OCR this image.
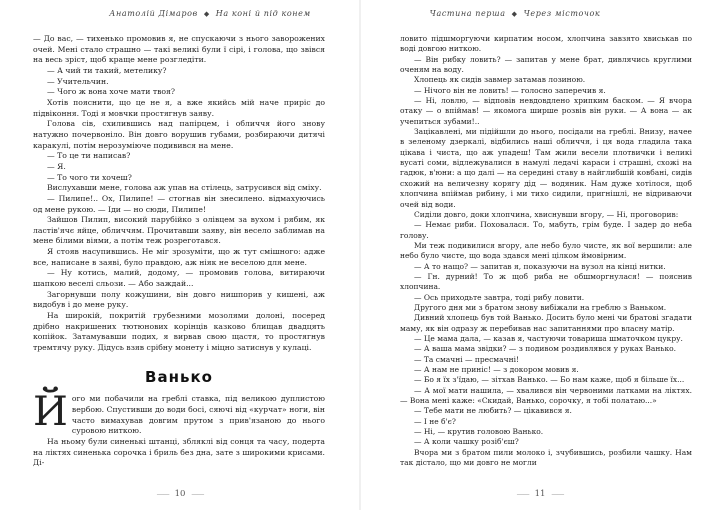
Анатолій Дімаров ◆ На коні й під конем

— До вас, — тихенько промовив я, не спускаючи з нього заворожених очей. Мені стало страшно — такі великі були ї сірі, і голова, що звівся на весь зріст, щоб краще мене розгледіти.

— А чий ти такий, метелику?

— Учительчин.

— Чого ж вона хоче мати твоя?

Хотів пояснити, що це не я, а вже якийсь мій наче приріс до підвіконня. Тоді я мовчки простягнув заяву.

Голова сів, схилившись над папірцем, і обличчя його знову натужно почервоніло. Він довго ворушив губами, розбираючи дитячі каракулі, потім нерозуміюче подивився на мене.

— То це ти написав?

— Я.

— То чого ти хочеш?

Вислухавши мене, голова аж упав на стілець, затрусився від сміху.

— Пилипе!.. Ох, Пилипе! — стогнав він знесилено. відмахуючись од мене рукою. — Іди — но сюди, Пилипе!

Зайшов Пилип, високий парубійко з олівцем за вухом і рябим, як ластів'ячє яйце, обличчям. Прочитавши заяву, він весело заблимав на мене білими віями, а потім теж розреготався.

Я стояв насупившись. Не міг зрозуміти, що ж тут смішного: аджe все, написане в заяві, було правдою, аж ніяк не веселою для мене.

— Ну котись, малий, додому, — промовив голова, витираючи шапкою веселі сльози. — Або заждай...

Загорнувши полу кожушини, він довго нишпорив у кишені, аж видобув і до мене руку.

На широкій, покритій грубезними мозолями долоні, посеред дрібно накришених тютюнових корінців казково блищав двадцять копійок. Затамувавши подих, я вирвав свою щастя, то простягнув тремтячу руку. Дідусь взяв срібну монету і міцно затиснув у кулаці.

Ванько

Його ми побачили на греблі ставка, під великою дуплистою вербою. Спустивши до води босі, сяючі від «курчат» ноги, він часто вимахував довгим прутом з прив'язаною до нього суровою ниткою.

На ньому були синенькі штанці, збляклі від сонця та часу, подерта на ліктях синенька сорочка і бриль без дна, зате з широкими крисами. Ді-

—— 10 ——
Частина перша ◆ Через місточок

ловито підшморгуючи кирпатим носом, хлопчина завзято хвиськав по воді довгою ниткою.

— Він рибку ловить? — запитав у мене брат, дивлячись круглими оченям на воду.

Хлопець як сидів завмер затамав лозиною.

— Нічого він не ловить! — голосно заперечив я.

— Ні, ловлю, — відповів невдовдлено хрипким баском. — Я вчора отаку — о впіймав! — якомога ширше розвів він руки. — А вона — ак учепиться зубами!..

Зацікавлені, ми підійшли до нього, посідали на греблі. Внизу, начеe в зеленому дзеркалі, відбились наші обличчя, і ця вода гладила така цікава і чиста, що аж упадеш! Там жили весели плотвички і великі вусаті соми, відлежувалися в намулі ледачі караси і страшні, схожі на гадюк, в'юни: а що далі — на середині ставу в найглибшій ковбані, сидів схожий на величезну корягу дід — водяник. Нам дуже хотілося, щоб хлопчина впіймав рибину, і ми тихо сидили, пригнішлі, не відриваючи очей від води.

Сиділи довго, доки хлопчина, хвиснувши вгору, — Ні, проговорив:

— Немає риби. Поховалася. То, мабуть, грім буде. І задер до неба голову.

Ми теж подивилися вгору, але небо було чисте, як вої вершили: але небо було чисте, що вода здався мені цілком ймовірним.

— А то нащо? — запитав я, показуючи на вузол на кінці нитки.

— Гн. дурний! То ж щоб риба не обшморгнулася! — пояснив хлопчина.

— Ось приходьте завтра, тоді рибу ловити.

Другого дня ми з братом знову вибіжали на греблю з Ваньком.

Дивний хлопець був той Ванько. Досить було мені чи братові згадати маму, як він одразу ж перебивав нас запитаннями про власну матір.

— Це мама дала, — казав я, частуючи товариша шматочком цукру.

— А ваша мама звідки? — з подивом роздивлявся у руках Ванько.

— Та смачні — пресмачні!

— А нам не приніс! — з докором мовив я.

— Бо я їх з'їдаю, — зітхав Ванько. — Бо нам каже, щоб я більше їх...

— А мої мати нашила, — хвалився він червоними латками на ліктях. — Вона мені каже: «Скидай, Ванько, сорочку, я тобі полатаю...»

— Тебе мати не любить? — цікавився я.

— І не б'є?

— Ні, — крутив головою Ванько.

— А коли чашку розіб'єш?

Вчора ми з братом пили молоко і, зчубившись, розбили чашку. Нам так дістало, що ми довго не могли

—— 11 ——
